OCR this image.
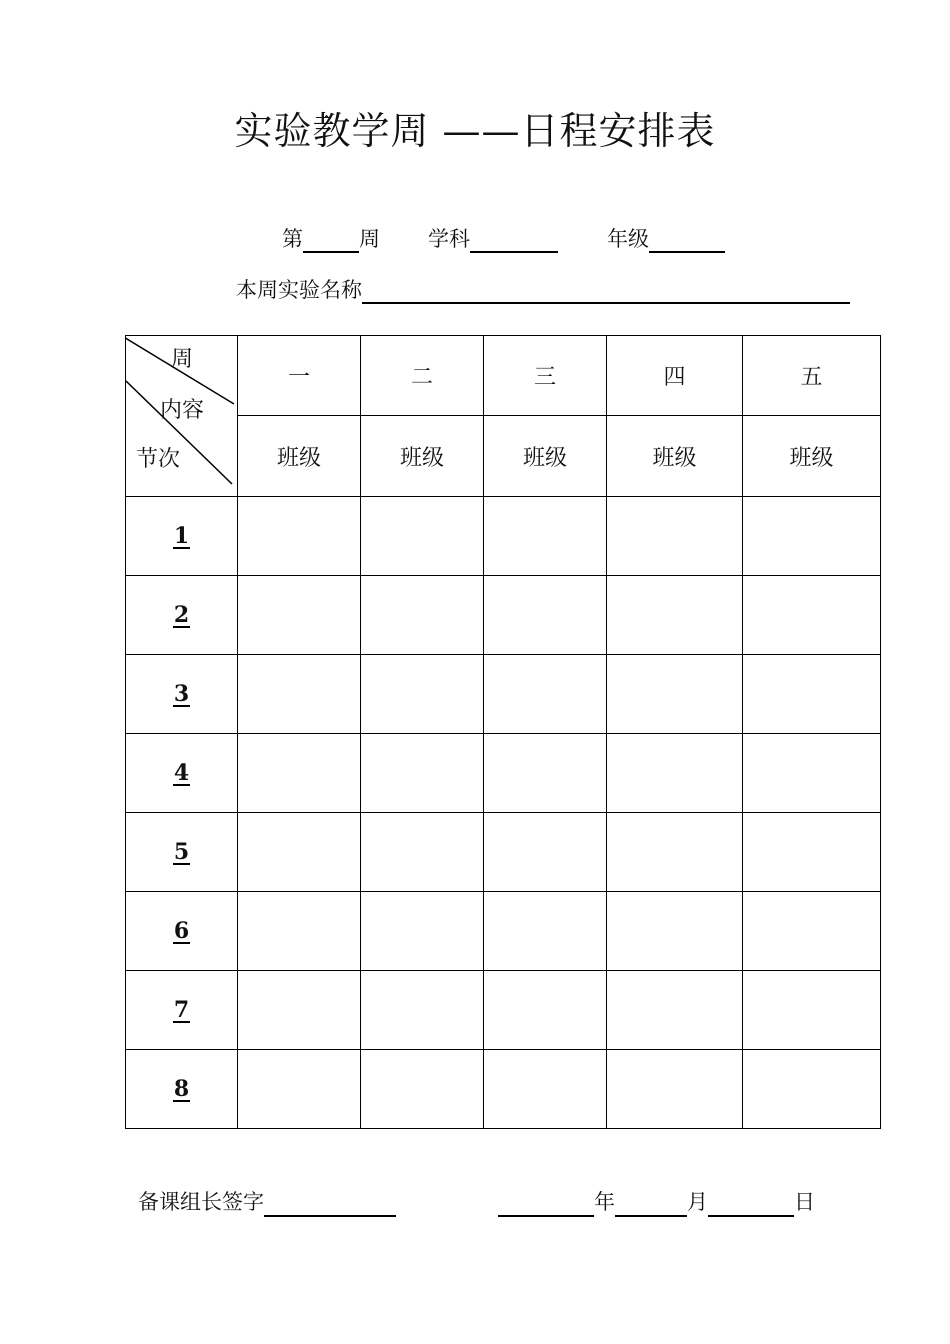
实验教学周 ——日程安排表
第	周 学科	年级
本周实验名称
周
内容
节次	一	二	三	四	五
	班级	班级	班级	班级	班级
1					
2					
3					
4					
5					
6					
7					
8					
备课组长签字	年	月	日
